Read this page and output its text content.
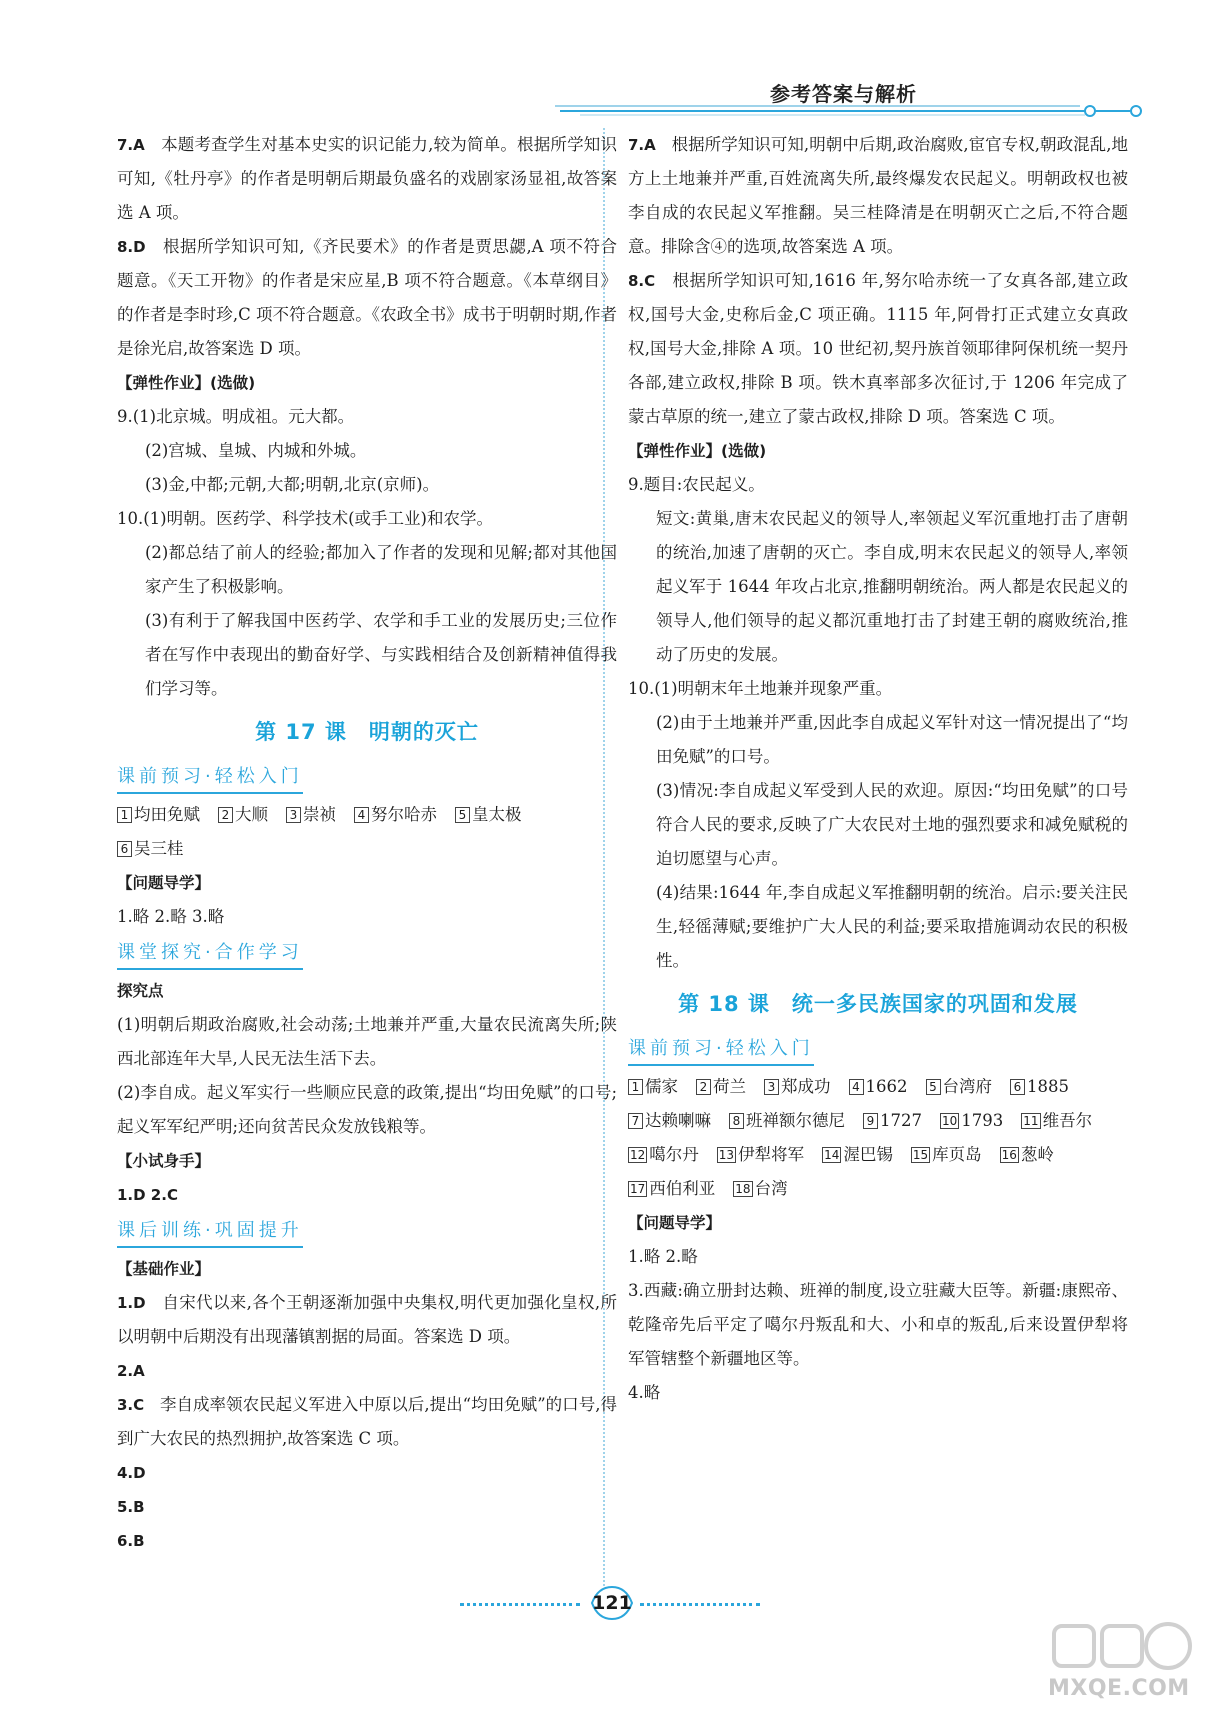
参考答案与解析
7.A 本题考查学生对基本史实的识记能力,较为简单。根据所学知识可知,《牡丹亭》的作者是明朝后期最负盛名的戏剧家汤显祖,故答案选 A 项。
8.D 根据所学知识可知,《齐民要术》的作者是贾思勰,A 项不符合题意。《天工开物》的作者是宋应星,B 项不符合题意。《本草纲目》的作者是李时珍,C 项不符合题意。《农政全书》成书于明朝时期,作者是徐光启,故答案选 D 项。
【弹性作业】(选做)
9.(1)北京城。明成祖。元大都。
(2)宫城、皇城、内城和外城。
(3)金,中都;元朝,大都;明朝,北京(京师)。
10.(1)明朝。医药学、科学技术(或手工业)和农学。
(2)都总结了前人的经验;都加入了作者的发现和见解;都对其他国家产生了积极影响。
(3)有利于了解我国中医药学、农学和手工业的发展历史;三位作者在写作中表现出的勤奋好学、与实践相结合及创新精神值得我们学习等。
第 17 课 明朝的灭亡
课前预习·轻松入门
1 均田免赋 2 大顺 3 崇祯 4 努尔哈赤 5 皇太极6 吴三桂
【问题导学】
1.略 2.略 3.略
课堂探究·合作学习
探究点
(1)明朝后期政治腐败,社会动荡;土地兼并严重,大量农民流离失所;陕西北部连年大旱,人民无法生活下去。
(2)李自成。起义军实行一些顺应民意的政策,提出“均田免赋”的口号;起义军军纪严明;还向贫苦民众发放钱粮等。
【小试身手】
1.D 2.C
课后训练·巩固提升
【基础作业】
1.D 自宋代以来,各个王朝逐渐加强中央集权,明代更加强化皇权,所以明朝中后期没有出现藩镇割据的局面。答案选 D 项。
2.A
3.C 李自成率领农民起义军进入中原以后,提出“均田免赋”的口号,得到广大农民的热烈拥护,故答案选 C 项。
4.D
5.B
6.B
7.A 根据所学知识可知,明朝中后期,政治腐败,宦官专权,朝政混乱,地方上土地兼并严重,百姓流离失所,最终爆发农民起义。明朝政权也被李自成的农民起义军推翻。吴三桂降清是在明朝灭亡之后,不符合题意。排除含④的选项,故答案选 A 项。
8.C 根据所学知识可知,1616 年,努尔哈赤统一了女真各部,建立政权,国号大金,史称后金,C 项正确。1115 年,阿骨打正式建立女真政权,国号大金,排除 A 项。10 世纪初,契丹族首领耶律阿保机统一契丹各部,建立政权,排除 B 项。铁木真率部多次征讨,于 1206 年完成了蒙古草原的统一,建立了蒙古政权,排除 D 项。答案选 C 项。
【弹性作业】(选做)
9.题目:农民起义。
短文:黄巢,唐末农民起义的领导人,率领起义军沉重地打击了唐朝的统治,加速了唐朝的灭亡。李自成,明末农民起义的领导人,率领起义军于 1644 年攻占北京,推翻明朝统治。两人都是农民起义的领导人,他们领导的起义都沉重地打击了封建王朝的腐败统治,推动了历史的发展。
10.(1)明朝末年土地兼并现象严重。
(2)由于土地兼并严重,因此李自成起义军针对这一情况提出了“均田免赋”的口号。
(3)情况:李自成起义军受到人民的欢迎。原因:“均田免赋”的口号符合人民的要求,反映了广大农民对土地的强烈要求和减免赋税的迫切愿望与心声。
(4)结果:1644 年,李自成起义军推翻明朝的统治。启示:要关注民生,轻徭薄赋;要维护广大人民的利益;要采取措施调动农民的积极性。
第 18 课 统一多民族国家的巩固和发展
课前预习·轻松入门
1 儒家 2 荷兰 3 郑成功 4 1662 5 台湾府 6 18857 达赖喇嘛 8 班禅额尔德尼 9 1727 10 1793 11 维吾尔12 噶尔丹 13 伊犁将军 14 渥巴锡 15 库页岛 16 葱岭17 西伯利亚 18 台湾
【问题导学】
1.略 2.略
3.西藏:确立册封达赖、班禅的制度,设立驻藏大臣等。新疆:康熙帝、乾隆帝先后平定了噶尔丹叛乱和大、小和卓的叛乱,后来设置伊犁将军管辖整个新疆地区等。
4.略
121
MXQE.COM
